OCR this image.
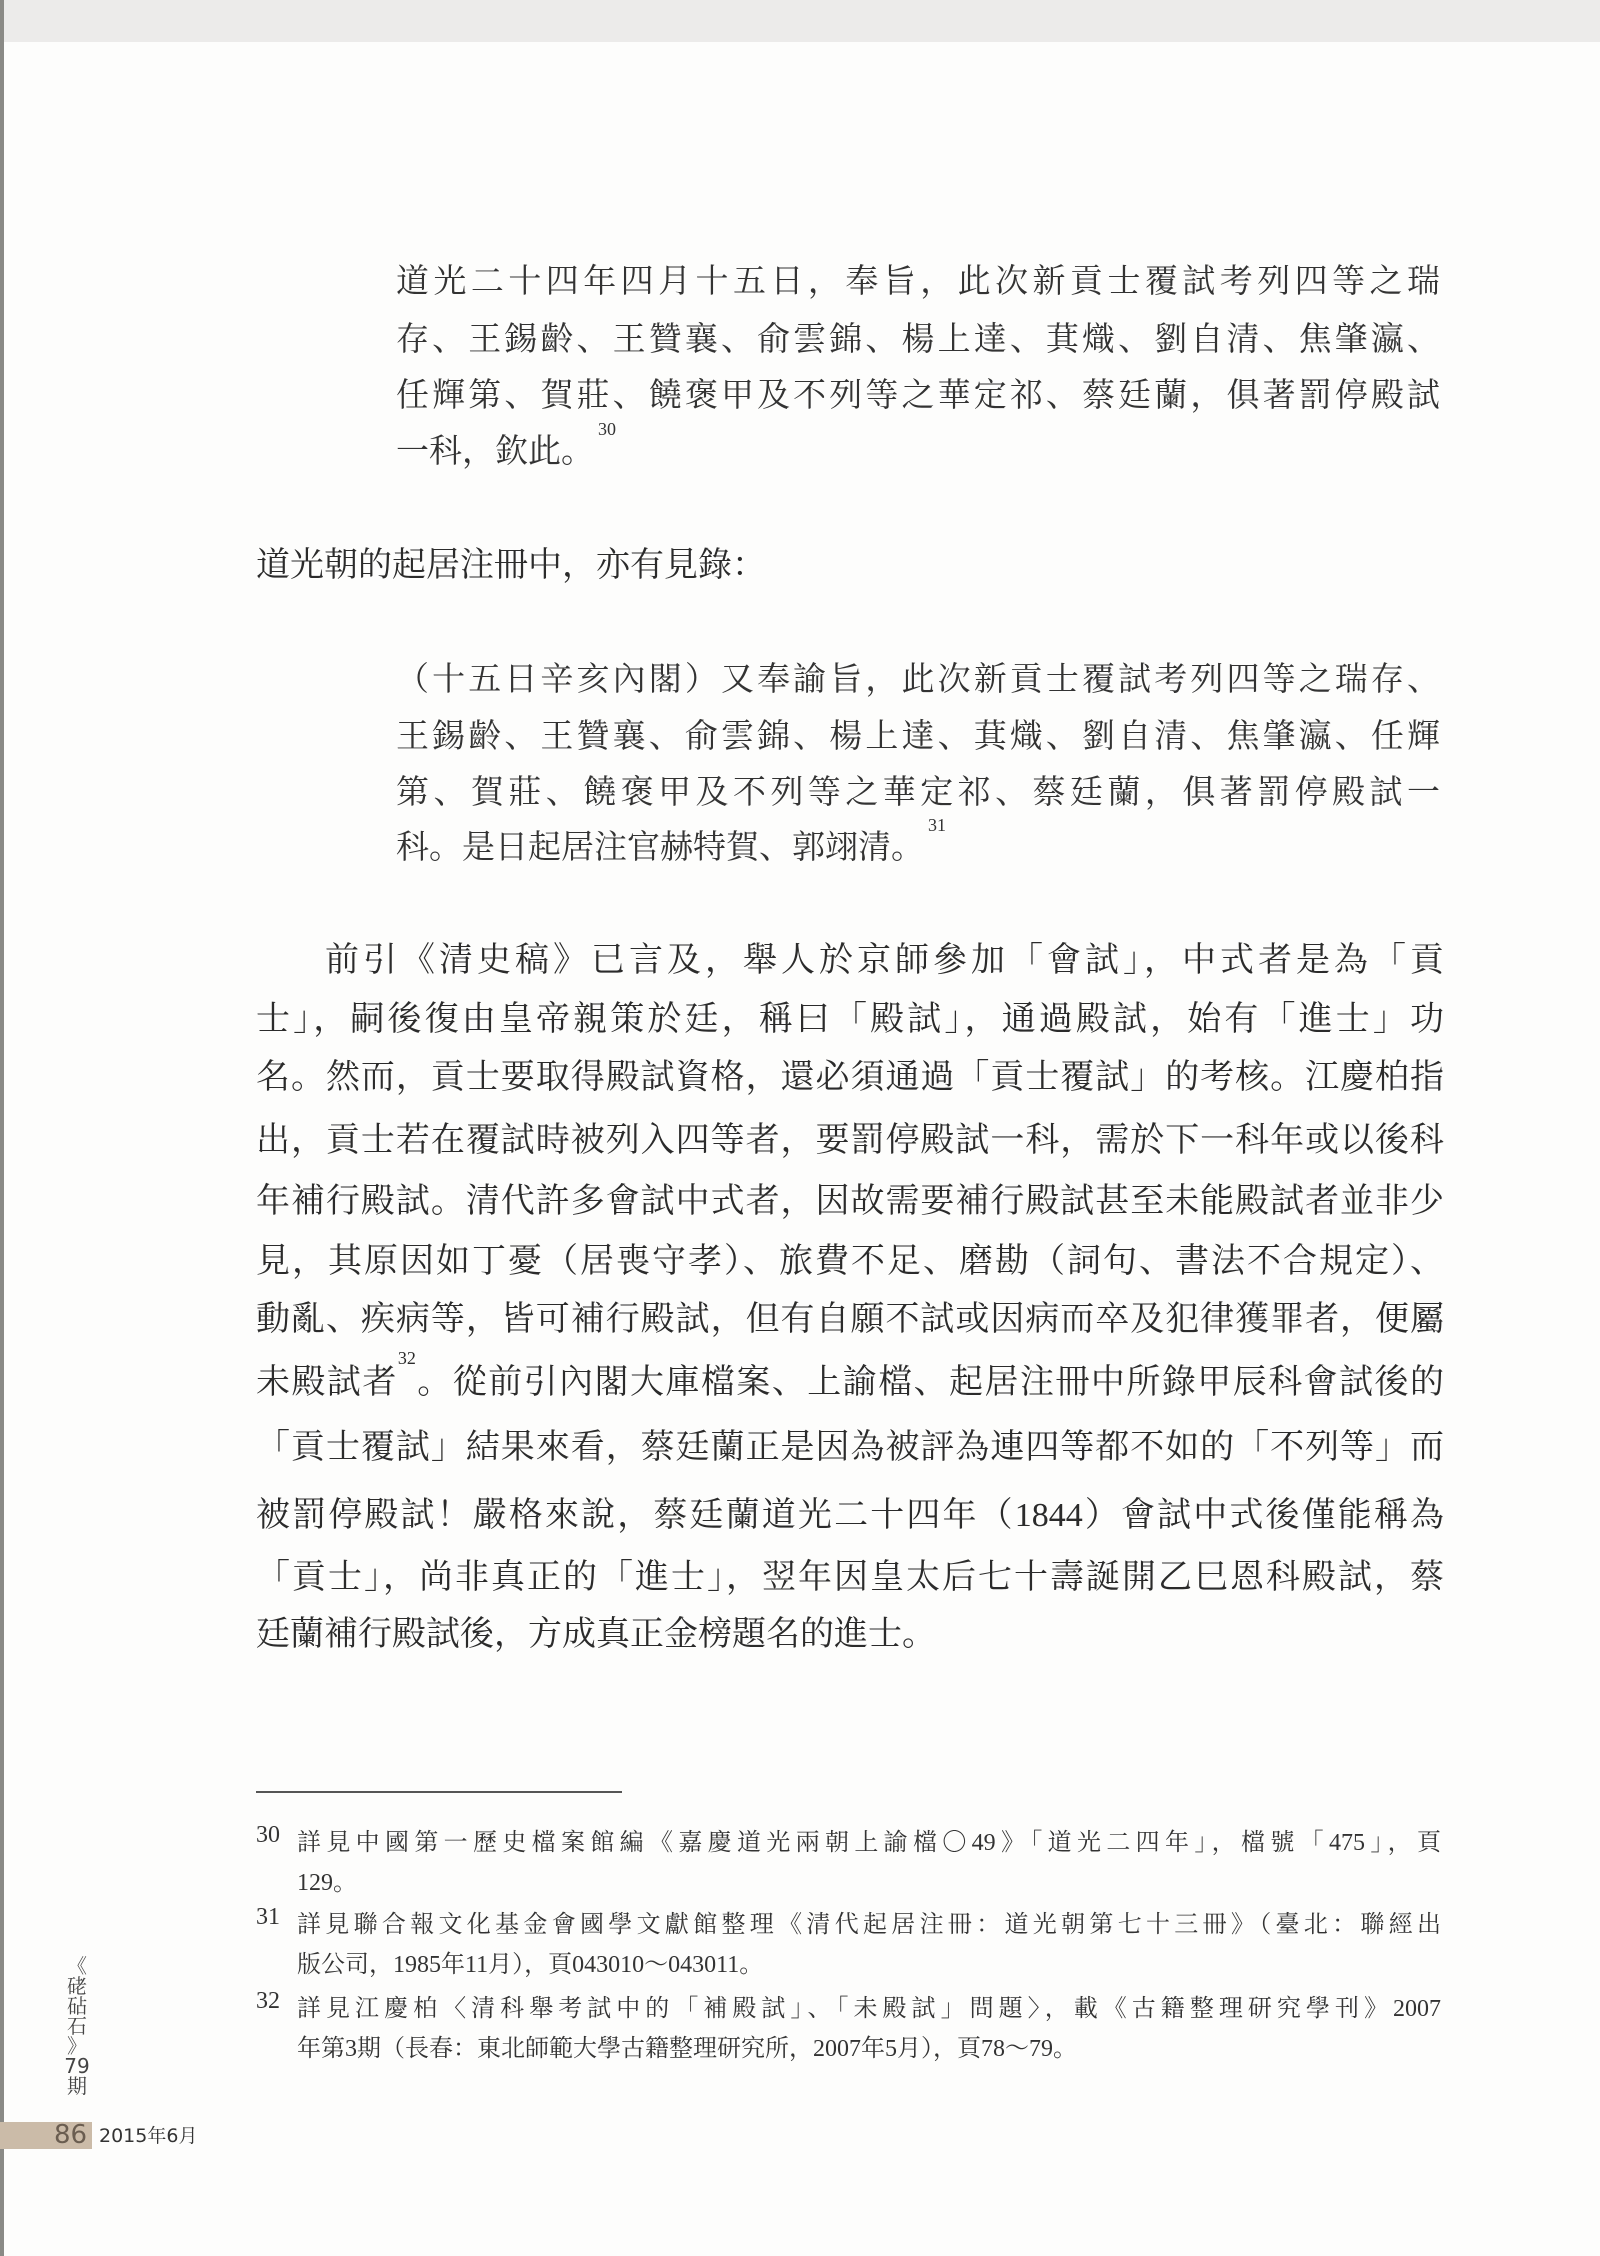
道光二十四年四月十五日，奉旨，此次新貢士覆試考列四等之瑞
存、王錫齡、王贊襄、俞雲錦、楊上達、萁熾、劉自清、焦肇瀛、
任輝第、賀莊、饒褒甲及不列等之華定祁、蔡廷蘭，俱著罰停殿試
一科，欽此。$^{30}$
道光朝的起居注冊中，亦有見錄：
（十五日辛亥內閣）又奉諭旨，此次新貢士覆試考列四等之瑞存、
王錫齡、王贊襄、俞雲錦、楊上達、萁熾、劉自清、焦肇瀛、任輝
第、賀莊、饒褒甲及不列等之華定祁、蔡廷蘭，俱著罰停殿試一
科。是日起居注官赫特賀、郭翊清。$^{31}$
前引《清史稿》已言及，舉人於京師參加「會試」，中式者是為「貢
士」，嗣後復由皇帝親策於廷，稱曰「殿試」，通過殿試，始有「進士」功
名。然而，貢士要取得殿試資格，還必須通過「貢士覆試」的考核。江慶柏指
出，貢士若在覆試時被列入四等者，要罰停殿試一科，需於下一科年或以後科
年補行殿試。清代許多會試中式者，因故需要補行殿試甚至未能殿試者並非少
見，其原因如丁憂（居喪守孝）、旅費不足、磨勘（詞句、書法不合規定）、
動亂、疾病等，皆可補行殿試，但有自願不試或因病而卒及犯律獲罪者，便屬
未殿試者$^{32}$。從前引內閣大庫檔案、上諭檔、起居注冊中所錄甲辰科會試後的
「貢士覆試」結果來看，蔡廷蘭正是因為被評為連四等都不如的「不列等」而
被罰停殿試！嚴格來說，蔡廷蘭道光二十四年（1844）會試中式後僅能稱為
「貢士」，尚非真正的「進士」，翌年因皇太后七十壽誕開乙巳恩科殿試，蔡
廷蘭補行殿試後，方成真正金榜題名的進士。
30 詳見中國第一歷史檔案館編《嘉慶道光兩朝上諭檔〇49》「道光二四年」，檔號「475」，頁
129。
31 詳見聯合報文化基金會國學文獻館整理《清代起居注冊：道光朝第七十三冊》（臺北：聯經出
版公司，1985年11月），頁043010～043011。
32 詳見江慶柏〈清科舉考試中的「補殿試」、「未殿試」問題〉，載《古籍整理研究學刊》2007
年第3期（長春：東北師範大學古籍整理研究所，2007年5月），頁78～79。
《
硓
砧
石
》
79
期
86 2015年6月
